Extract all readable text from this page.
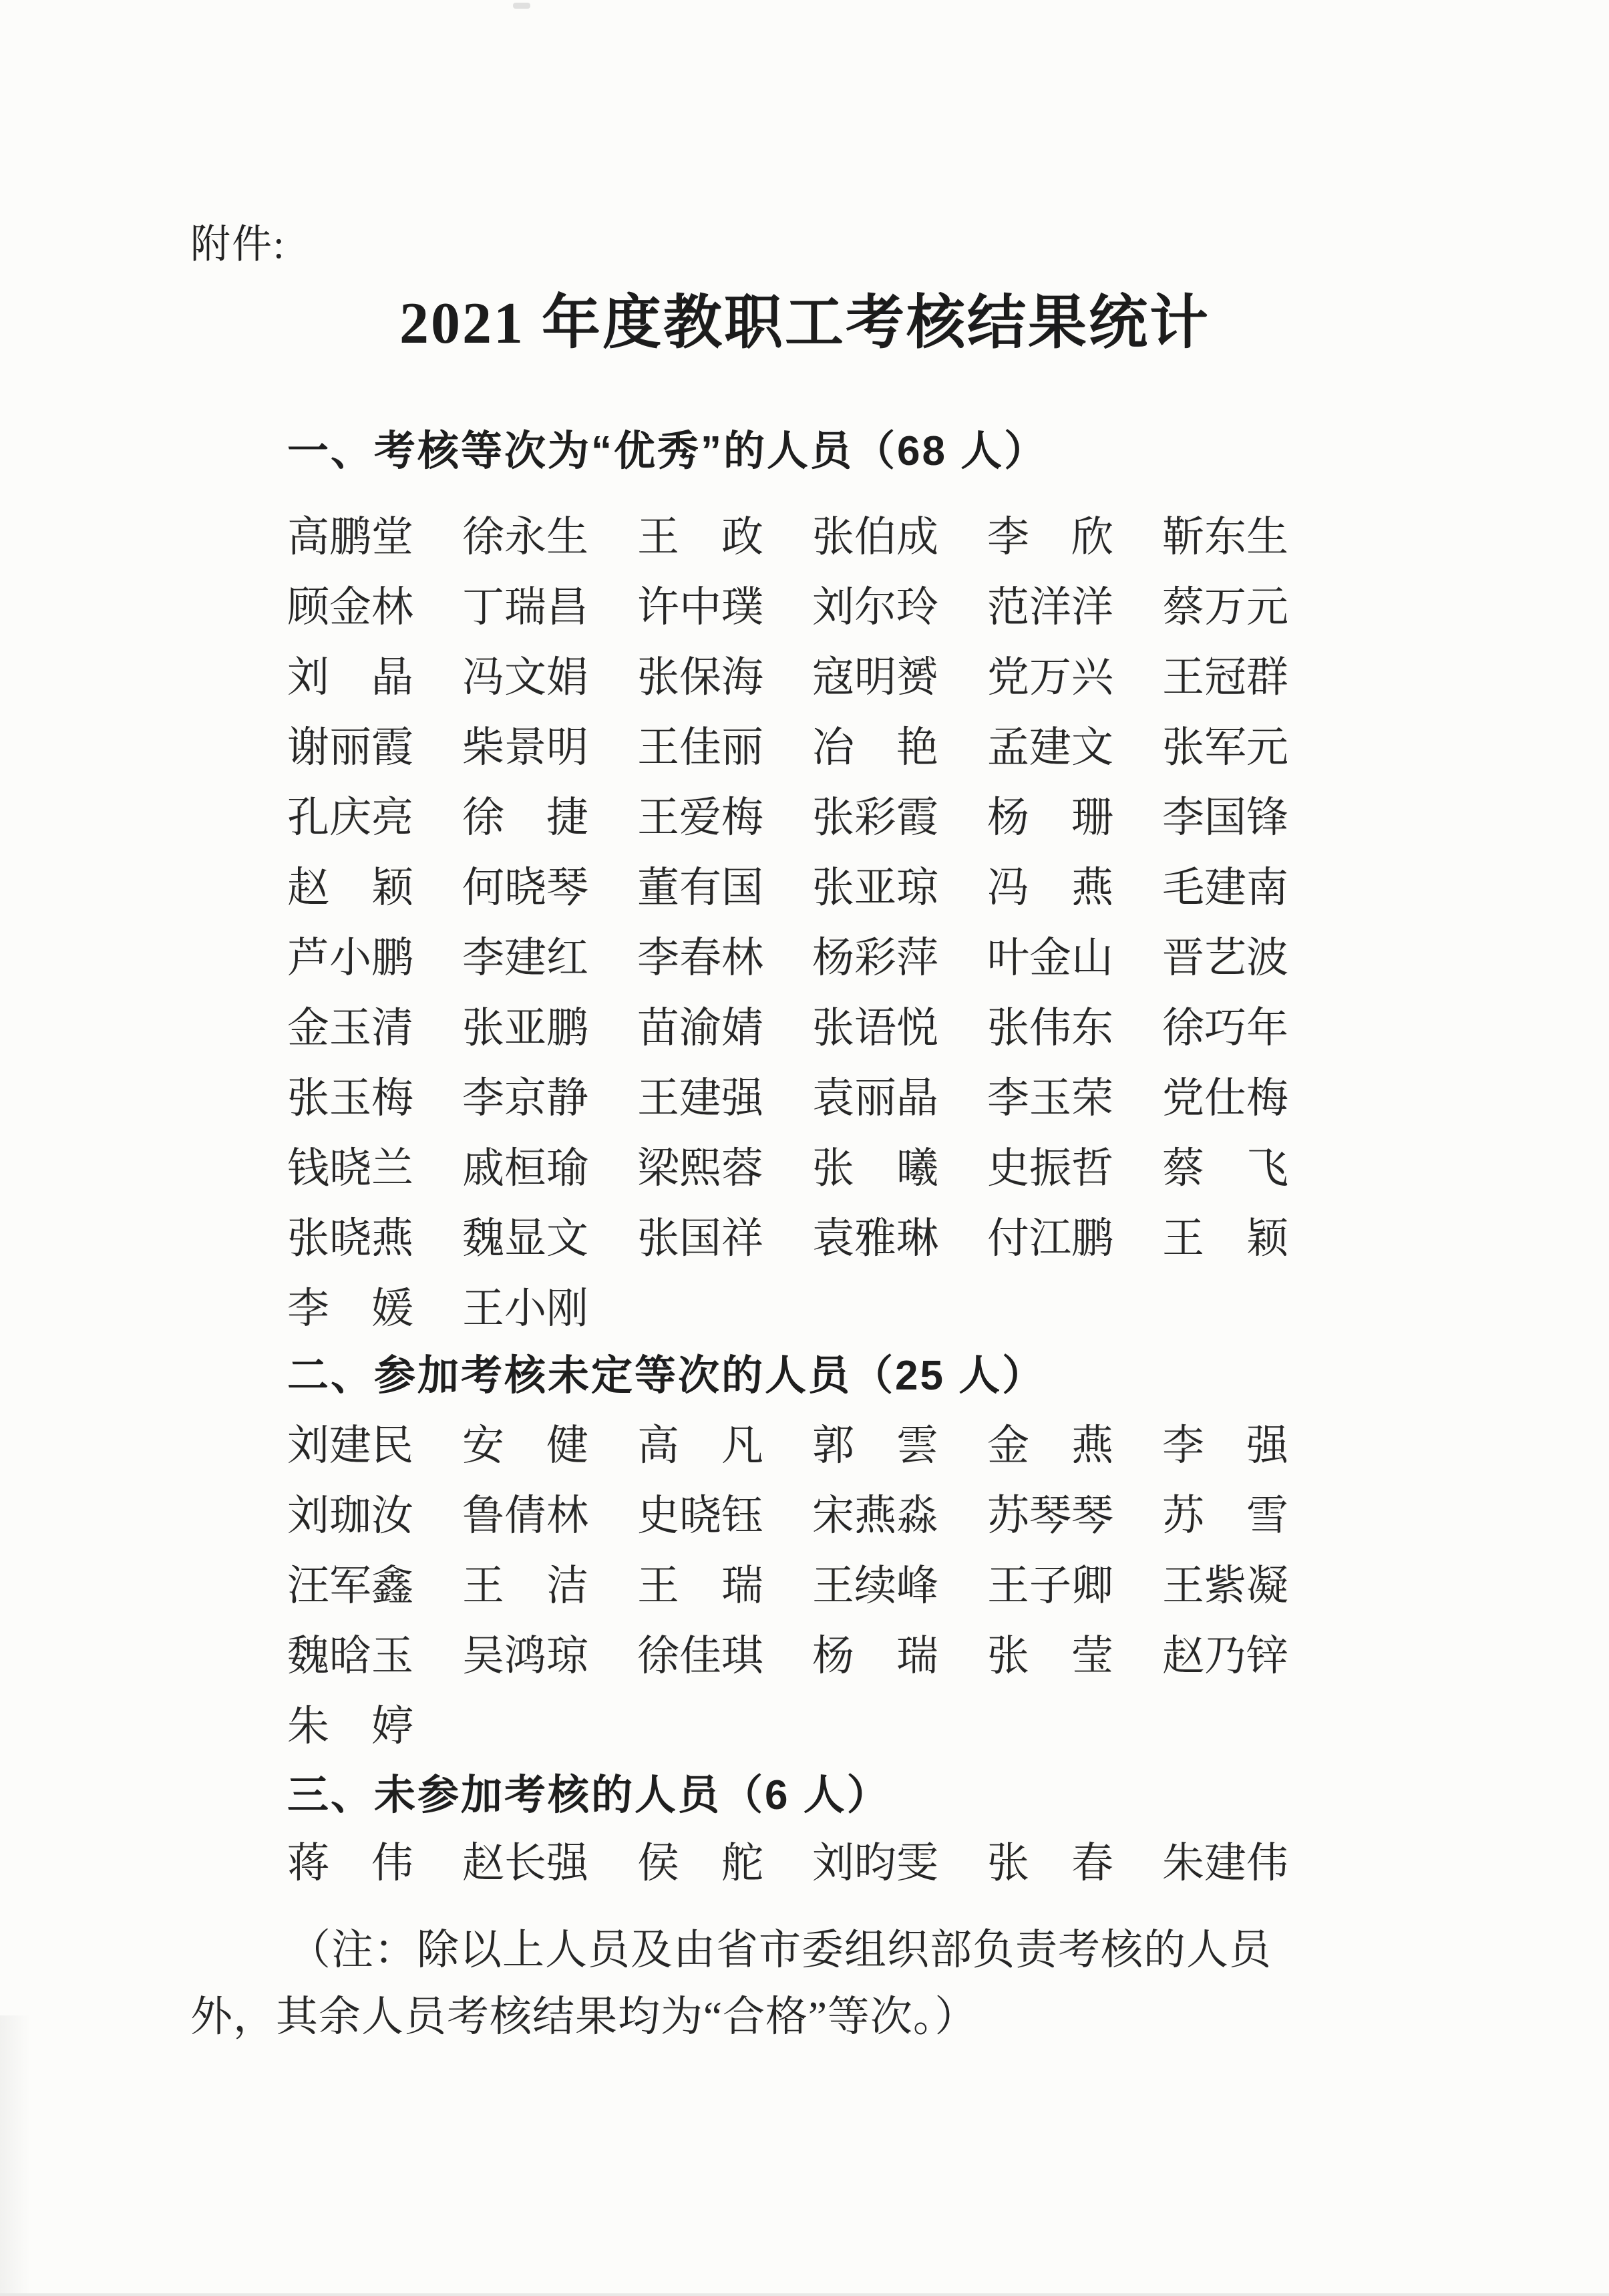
附件:
2021 年度教职工考核结果统计
一、考核等次为“优秀”的人员（68 人）
高鹏堂 徐永生 王　政 张伯成 李　欣 靳东生
顾金林 丁瑞昌 许中璞 刘尔玲 范洋洋 蔡万元
刘　晶 冯文娟 张保海 寇明赟 党万兴 王冠群
谢丽霞 柴景明 王佳丽 冶　艳 孟建文 张军元
孔庆亮 徐　捷 王爱梅 张彩霞 杨　珊 李国锋
赵　颖 何晓琴 董有国 张亚琼 冯　燕 毛建南
芦小鹏 李建红 李春林 杨彩萍 叶金山 晋艺波
金玉清 张亚鹏 苗渝婧 张语悦 张伟东 徐巧年
张玉梅 李京静 王建强 袁丽晶 李玉荣 党仕梅
钱晓兰 戚桓瑜 梁熙蓉 张　曦 史振哲 蔡　飞
张晓燕 魏显文 张国祥 袁雅琳 付江鹏 王　颖
李　媛 王小刚
二、参加考核未定等次的人员（25 人）
刘建民 安　健 高　凡 郭　雲 金　燕 李　强
刘珈汝 鲁倩林 史晓钰 宋燕淼 苏琴琴 苏　雪
汪军鑫 王　洁 王　瑞 王续峰 王子卿 王紫凝
魏晗玉 吴鸿琼 徐佳琪 杨　瑞 张　莹 赵乃锌
朱　婷
三、未参加考核的人员（6 人）
蒋　伟 赵长强 侯　舵 刘昀雯 张　春 朱建伟
（注：除以上人员及由省市委组织部负责考核的人员外，其余人员考核结果均为“合格”等次。）
